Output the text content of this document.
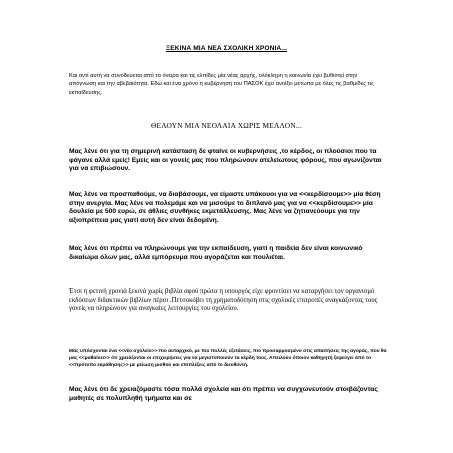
ΞΕΚΙΝΑ ΜΙΑ ΝΕΑ ΣΧΟΛΙΚΗ ΧΡΟΝΙΑ...
Και αντί αυτή να συνοδεύεται από τα όνειρα και τις ελπίδες μία νέας αρχής, ολόκληρη η κοινωνία έχει βυθιστεί στην απόγνωση και την αβεβαιότητα. Εδώ και ένα χρόνο η κυβέρνηση του ΠΑΣΟΚ έχει ανοίξει μέτωπα με όλες τις βαθμίδες τις εκπαίδευσης.
ΘΕΛΟΥΝ ΜΙΑ ΝΕΟΛΑΙΑ ΧΩΡΙΣ ΜΕΛΛΟΝ...

Μας λένε ότι για τη σημερινή κατάσταση δε φταίνε οι κυβερνήσεις ,το κέρδος, οι πλούσιοι που τα φάγανε αλλά εμείς! Εμείς και οι γονείς μας που πληρώνουν ατελείωτους φόρους, που αγωνίζονται για να επιβιώσουν.

Μας λένε να προσπαθούμε, να διαβάσουμε, να είμαστε υπάκουοι για να <<κερδίσουμε>> μία θέση στην ανεργία. Μας λένε να πολεμάμε και να μισούμε το διπλανό μας για να <<κερδίσουμε>> μία δουλεία με 500 ευρώ, σε άθλιες συνθήκες εκμετάλλευσης. Μας λένε να ζητιανεύουμε για την αξιοπρέπεια μας γιατί αυτή δεν είναι δεδομένη.

Μας λένε ότι πρέπει να πληρώνουμε για την εκπαίδευση, γιατί η παιδεία δεν είναι κοινωνικό δικαίωμα όλων μας, αλλά εμπόρευμα που αγοράζεται και πουλιέται.

Έτσι η φετινή χρονιά ξεκινά χωρίς βιβλία αφού πρώτα η υπουργός είχε φροντίσει να καταργήσει τον οργανισμό εκδόσεων διδακτικών βιβλίων πέρσι .Πετσοκόβει τη χρηματοδότηση στις σχολικές επιτροπές αναγκάζοντας τους γονείς να πληρώνουν για αναγκαίες λειτουργίες του σχολείου.

Μας υπόσχονται ένα <<νέο σχολείο>> πιο αυταρχικό, με πιο πολλές εξετάσεις, πιο προσαρμοσμένο στις απαιτήσεις της αγοράς, που θα μας <<μαθαίνει>> ότι χρειάζονται οι επιχειρήσεις για να μεγιστοποιούν τα κέρδη τους. Απειλούν όποιον καθηγητή ξεφεύγει από το <<πρότυπο εκμάθησης>> με μείωση μισθού και επιπλέξεις από το διευθυντή.

Μας λένε ότι δε χρειαζόμαστε τόσα πολλά σχολεία και ότι πρέπει να συγχωνευτούν στοιβάζοντας μαθητές σε πολυπληθή τμήματα και σε
